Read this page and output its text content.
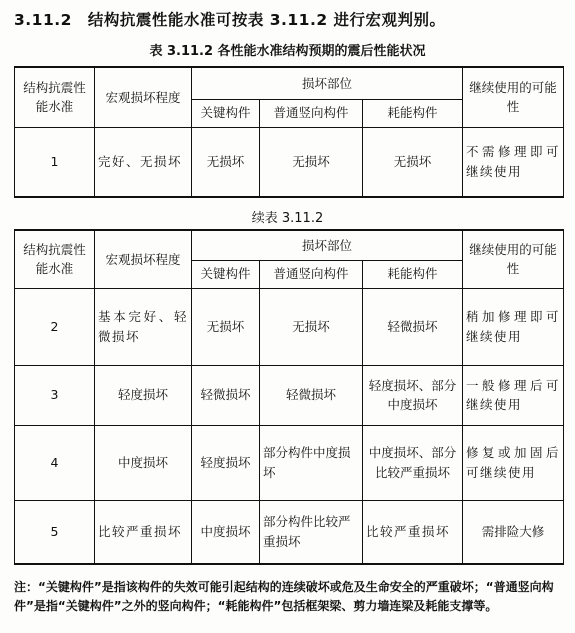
3.11.2 结构抗震性能水准可按表 3.11.2 进行宏观判别。
表 3.11.2 各性能水准结构预期的震后性能状况
结构抗震性能水准	宏观损坏程度	损坏部位			继续使用的可能性
		关键构件	普通竖向构件	耗能构件	
1	完好、无损坏	无损坏	无损坏	无损坏	不需修理即可继续使用
续表 3.11.2
结构抗震性能水准	宏观损坏程度	损坏部位			继续使用的可能性
		关键构件	普通竖向构件	耗能构件	
2	基本完好、轻微损坏	无损坏	无损坏	轻微损坏	稍加修理即可继续使用
3	轻度损坏	轻微损坏	轻微损坏	轻度损坏、部分中度损坏	一般修理后可继续使用
4	中度损坏	轻度损坏	部分构件中度损坏	中度损坏、部分比较严重损坏	修复或加固后可继续使用
5	比较严重损坏	中度损坏	部分构件比较严重损坏	比较严重损坏	需排险大修
注：“关键构件”是指该构件的失效可能引起结构的连续破坏或危及生命安全的严重破坏；“普通竖向构件”是指“关键构件”之外的竖向构件；“耗能构件”包括框架梁、剪力墙连梁及耗能支撑等。
